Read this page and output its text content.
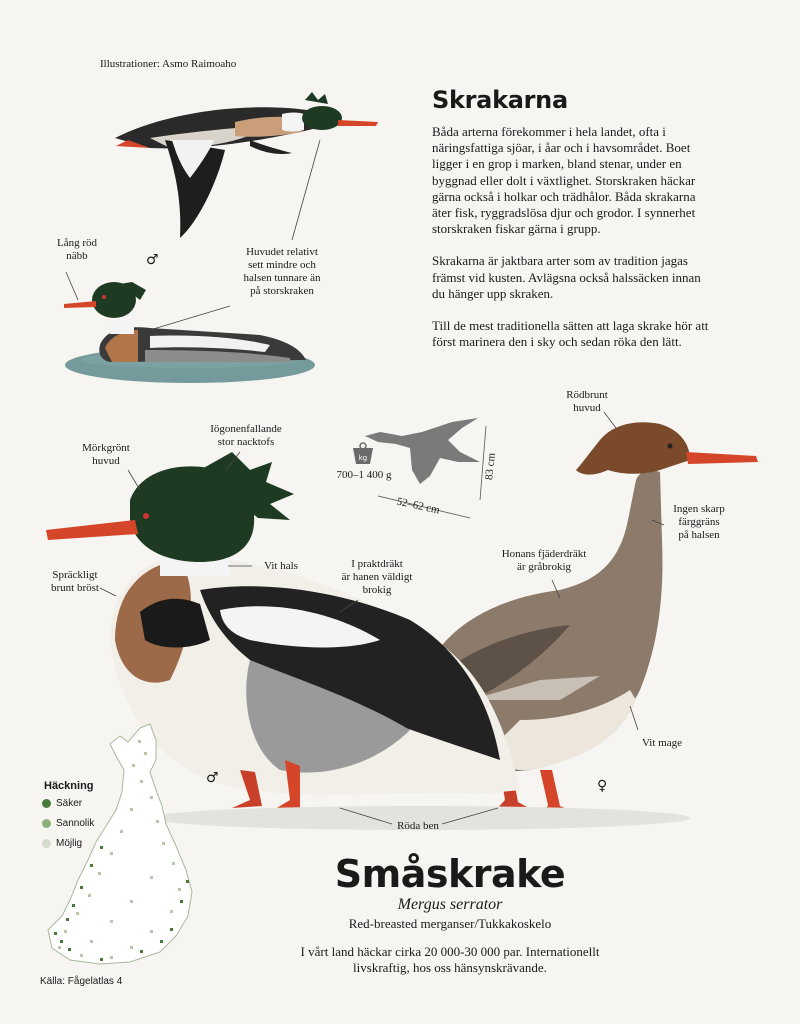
Illustrationer: Asmo Raimoaho
Skrakarna

Båda arterna förekommer i hela landet, ofta i näringsfattiga sjöar, i åar och i havsområdet. Boet ligger i en grop i marken, bland stenar, under en byggnad eller dolt i växtlighet. Storskraken häckar gärna också i holkar och trädhålor. Båda skrakarna äter fisk, ryggradslösa djur och grodor. I synnerhet storskraken fiskar gärna i grupp.

Skrakarna är jaktbara arter som av tradition jagas främst vid kusten. Avlägsna också halssäcken innan du hänger upp skraken.

Till de mest traditionella sätten att laga skrake hör att först marinera den i sky och sedan röka den lätt.

kg
Lång röd
näbb	♂	Huvudet relativt
sett mindre och
halsen tunnare än
på storskraken
Mörkgrönt
huvud
Iögonenfallande
stor nacktofs
Vit hals
Spräckligt
brunt bröst
I praktdräkt
är hanen väldigt
brokig
Honans fjäderdräkt
är gråbrokig
Rödbrunt
huvud
Ingen skarp
färggräns
på halsen
Vit mage
Röda ben
♂	♀
700–1 400 g
52–62 cm
83 cm
Småskrake
Mergus serrator
Red-breasted merganser/Tukkakoskelo
I vårt land häckar cirka 20 000-30 000 par. Internationellt livskraftig, hos oss hänsynskrävande.
Häckning
Säker
Sannolik
Möjlig
Källa: Fågelatlas 4
